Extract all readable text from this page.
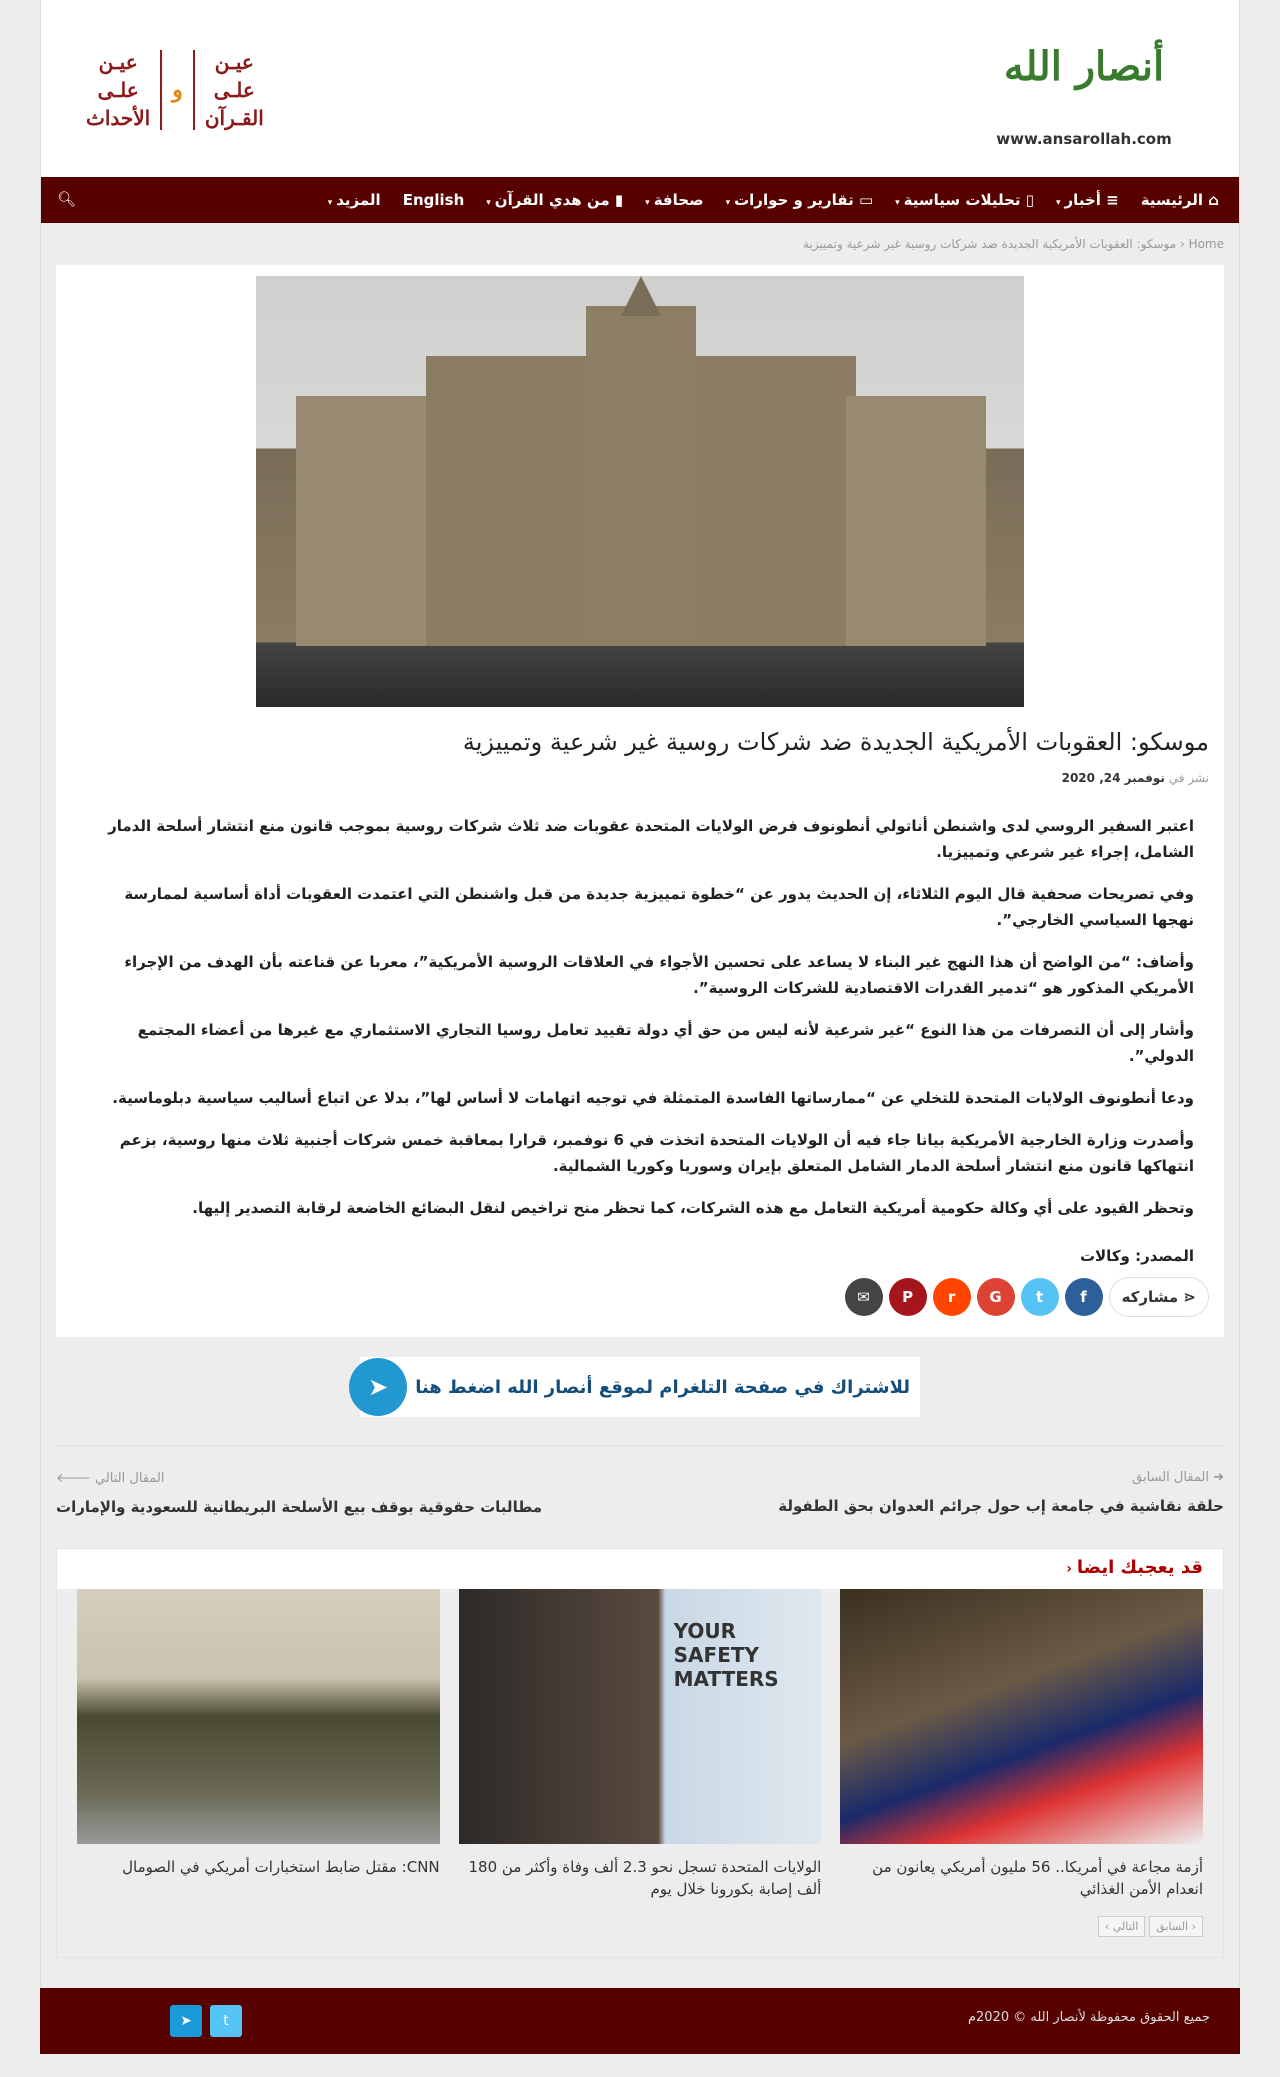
أنصار الله
www.ansarollah.com
عيـن
علـى
القـرآن
و
عيـن
علـى
الأحداث
⌂ الرئيسية
≡ أخبار▾
▯ تحليلات سياسية▾
▭ تقارير و حوارات▾
صحافة▾
▮ من هدي القرآن▾
English
المزيد▾
🔍︎
Home ‹ موسكو: العقوبات الأمريكية الجديدة ضد شركات روسية غير شرعية وتمييزية
موسكو: العقوبات الأمريكية الجديدة ضد شركات روسية غير شرعية وتمييزية
نشر في نوفمبر 24, 2020

اعتبر السفير الروسي لدى واشنطن أناتولي أنطونوف فرض الولايات المتحدة عقوبات ضد ثلاث شركات روسية بموجب قانون منع انتشار أسلحة الدمار الشامل، إجراء غير شرعي وتمييزيا.

وفي تصريحات صحفية قال اليوم الثلاثاء، إن الحديث يدور عن “خطوة تمييزية جديدة من قبل واشنطن التي اعتمدت العقوبات أداة أساسية لممارسة نهجها السياسي الخارجي”.

وأضاف: “من الواضح أن هذا النهج غير البناء لا يساعد على تحسين الأجواء في العلاقات الروسية الأمريكية”، معربا عن قناعته بأن الهدف من الإجراء الأمريكي المذكور هو “تدمير القدرات الاقتصادية للشركات الروسية”.

وأشار إلى أن التصرفات من هذا النوع “غير شرعية لأنه ليس من حق أي دولة تقييد تعامل روسيا التجاري الاستثماري مع غيرها من أعضاء المجتمع الدولي”.

ودعا أنطونوف الولايات المتحدة للتخلي عن “ممارساتها الفاسدة المتمثلة في توجيه اتهامات لا أساس لها”، بدلا عن اتباع أساليب سياسية دبلوماسية.

وأصدرت وزارة الخارجية الأمريكية بيانا جاء فيه أن الولايات المتحدة اتخذت في 6 نوفمبر، قرارا بمعاقبة خمس شركات أجنبية ثلاث منها روسية، بزعم انتهاكها قانون منع انتشار أسلحة الدمار الشامل المتعلق بإيران وسوريا وكوريا الشمالية.

وتحظر القيود على أي وكالة حكومية أمريكية التعامل مع هذه الشركات، كما تحظر منح تراخيص لنقل البضائع الخاضعة لرقابة التصدير إليها.

المصدر: وكالات
⋖
مشاركه
f
t
G
r
P
✉
للاشتراك في صفحة التلغرام لموقع أنصار الله اضغط هنا
➤
➜ المقال السابق
حلقة نقاشية في جامعة إب حول جرائم العدوان بحق الطفولة
المقال التالي 🡐
مطالبات حقوقية بوقف بيع الأسلحة البريطانية للسعودية والإمارات
قد يعجبك ايضا ‹
أزمة مجاعة في أمريكا.. 56 مليون أمريكي يعانون من انعدام الأمن الغذائي
YOUR SAFETY MATTERS
الولايات المتحدة تسجل نحو 2.3 ألف وفاة وأكثر من 180 ألف إصابة بكورونا خلال يوم
CNN: مقتل ضابط استخبارات أمريكي في الصومال
‹ السابق
التالي ›
جميع الحقوق محفوظة لأنصار الله © 2020م
➤	t
